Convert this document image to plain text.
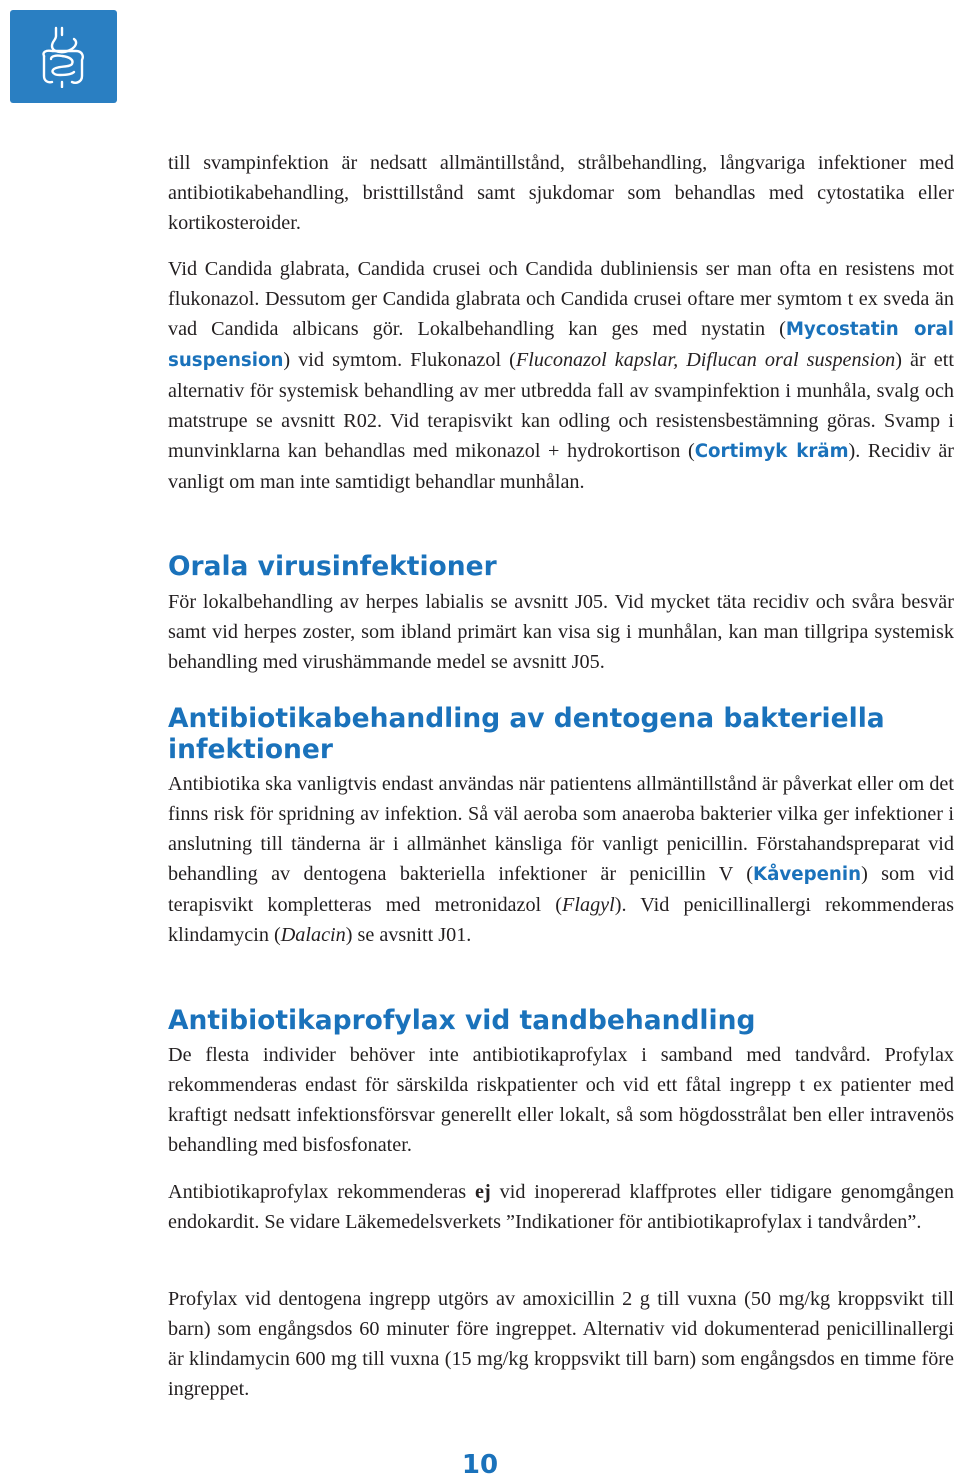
till svampinfektion är nedsatt allmäntillstånd, strålbehandling, långvariga infektioner med antibiotikabehandling, bristtillstånd samt sjukdomar som behandlas med cytostatika eller kortikosteroider.

Vid Candida glabrata, Candida crusei och Candida dubliniensis ser man ofta en resistens mot flukonazol. Dessutom ger Candida glabrata och Candida crusei oftare mer symtom t ex sveda än vad Candida albicans gör. Lokalbehandling kan ges med nystatin (Mycostatin oral suspension) vid symtom. Flukonazol (Fluconazol kapslar, Diflucan oral suspension) är ett alternativ för systemisk behandling av mer utbredda fall av svampinfektion i munhåla, svalg och matstrupe se avsnitt R02. Vid terapisvikt kan odling och resistensbestämning göras. Svamp i munvinklarna kan behandlas med mikonazol + hydrokortison (Cortimyk kräm). Recidiv är vanligt om man inte samtidigt behandlar munhålan.

Orala virusinfektioner

För lokalbehandling av herpes labialis se avsnitt J05. Vid mycket täta recidiv och svåra besvär samt vid herpes zoster, som ibland primärt kan visa sig i munhålan, kan man tillgripa systemisk behandling med virushämmande medel se avsnitt J05.

Antibiotikabehandling av dentogena bakteriella infektioner

Antibiotika ska vanligtvis endast användas när patientens allmäntillstånd är påverkat eller om det finns risk för spridning av infektion. Så väl aeroba som anaeroba bakterier vilka ger infektioner i anslutning till tänderna är i allmänhet känsliga för vanligt penicillin. Förstahandspreparat vid behandling av dentogena bakteriella infektioner är penicillin V (Kåvepenin) som vid terapisvikt kompletteras med metronidazol (Flagyl). Vid penicillinallergi rekommenderas klindamycin (Dalacin) se avsnitt J01.

Antibiotikaprofylax vid tandbehandling

De flesta individer behöver inte antibiotikaprofylax i samband med tandvård. Profylax rekommenderas endast för särskilda riskpatienter och vid ett fåtal ingrepp t ex patienter med kraftigt nedsatt infektionsförsvar generellt eller lokalt, så som högdosstrålat ben eller intravenös behandling med bisfosfonater.

Antibiotikaprofylax rekommenderas ej vid inopererad klaffprotes eller tidigare genomgången endokardit. Se vidare Läkemedelsverkets ”Indikationer för antibiotikaprofylax i tandvården”.

Profylax vid dentogena ingrepp utgörs av amoxicillin 2 g till vuxna (50 mg/kg kroppsvikt till barn) som engångsdos 60 minuter före ingreppet. Alternativ vid dokumenterad penicillinallergi är klindamycin 600 mg till vuxna (15 mg/kg kroppsvikt till barn) som engångsdos en timme före ingreppet.

10
